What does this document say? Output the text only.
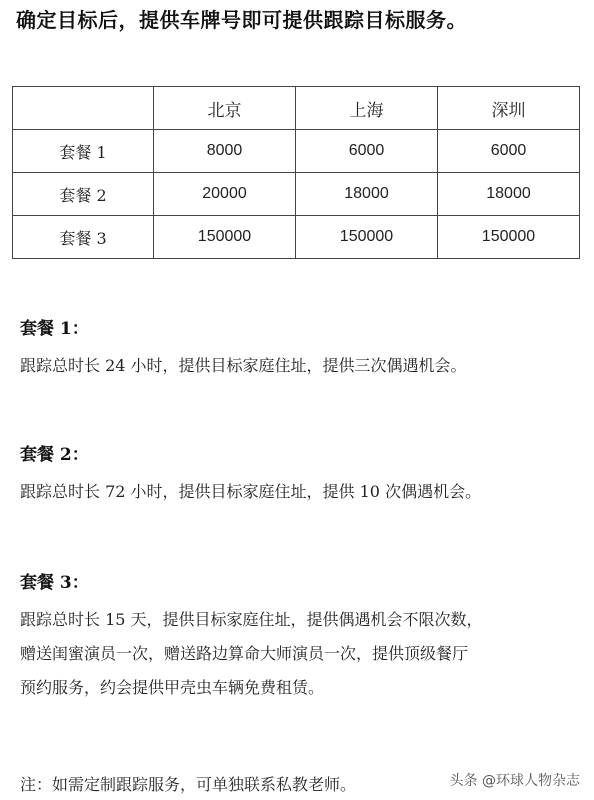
确定目标后，提供车牌号即可提供跟踪目标服务。
	北京	上海	深圳
套餐 1	8000	6000	6000
套餐 2	20000	18000	18000
套餐 3	150000	150000	150000
套餐 1：
跟踪总时长 24 小时，提供目标家庭住址，提供三次偶遇机会。
套餐 2：
跟踪总时长 72 小时，提供目标家庭住址，提供 10 次偶遇机会。
套餐 3：
跟踪总时长 15 天，提供目标家庭住址，提供偶遇机会不限次数，
赠送闺蜜演员一次，赠送路边算命大师演员一次，提供顶级餐厅
预约服务，约会提供甲壳虫车辆免费租赁。
注：如需定制跟踪服务，可单独联系私教老师。	头条 @环球人物杂志
